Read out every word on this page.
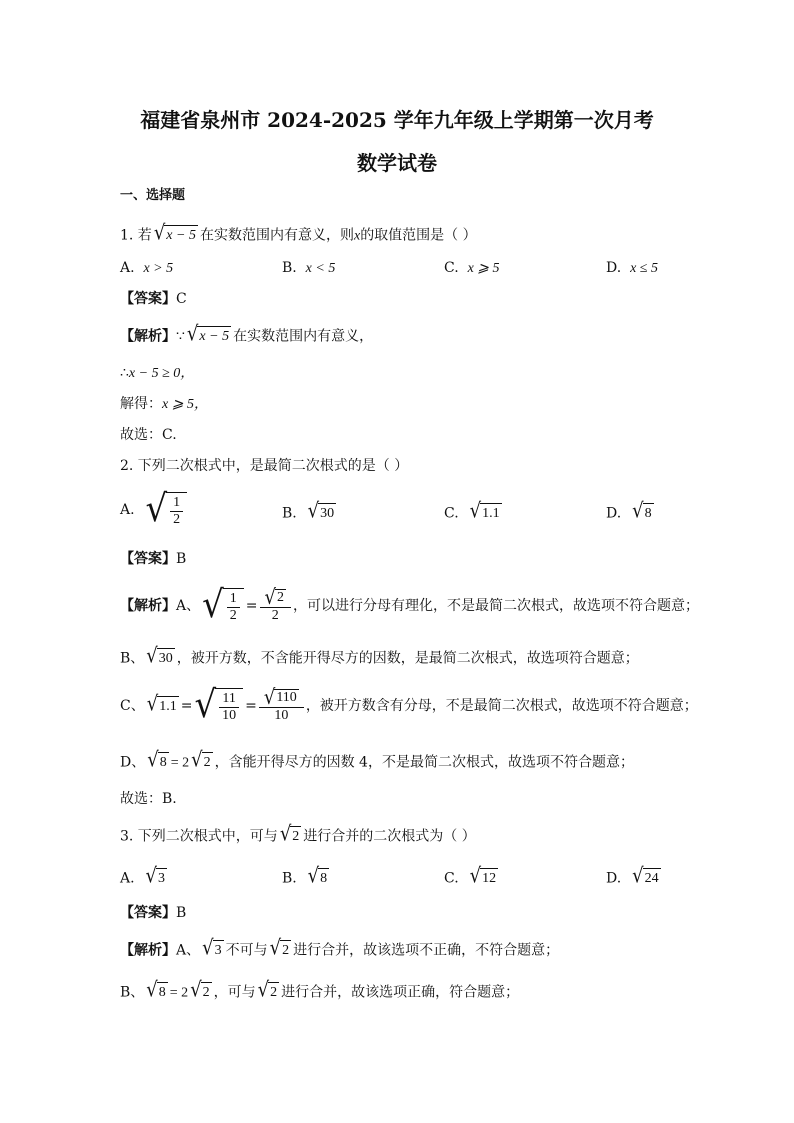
福建省泉州市 2024-2025 学年九年级上学期第一次月考
数学试卷
一、选择题
1. 若 √ x − 5 在实数范围内有意义，则x的取值范围是（ ）
A. x > 5	B. x < 5	C. x ⩾ 5	D. x ≤ 5
【答案】C
【解析】∵ √ x − 5 在实数范围内有意义，
∴x − 5 ≥ 0，
解得：x ⩾ 5，
故选：C.
2. 下列二次根式中，是最简二次根式的是（ ）
A. √ $\frac{1}{2}$	B. √ 30	C. √ 1.1	D. √ 8
【答案】B
【解析】A、 √ $\frac{1}{2} = \frac{√ 2}{2}$ ，可以进行分母有理化，不是最简二次根式，故选项不符合题意；
B、 √ 30 ，被开方数，不含能开得尽方的因数，是最简二次根式，故选项符合题意；
C、 √ 1.1 = √ $\frac{11}{10} = \frac{√ 110}{10}$ ，被开方数含有分母，不是最简二次根式，故选项不符合题意；
D、 √ 8 = 2 √ 2 ，含能开得尽方的因数 4，不是最简二次根式，故选项不符合题意；
故选：B.
3. 下列二次根式中，可与 √ 2 进行合并的二次根式为（ ）
A. √ 3	B. √ 8	C. √ 12	D. √ 24
【答案】B
【解析】A、 √ 3 不可与 √ 2 进行合并，故该选项不正确，不符合题意；
B、 √ 8 = 2 √ 2 ，可与 √ 2 进行合并，故该选项正确，符合题意；
